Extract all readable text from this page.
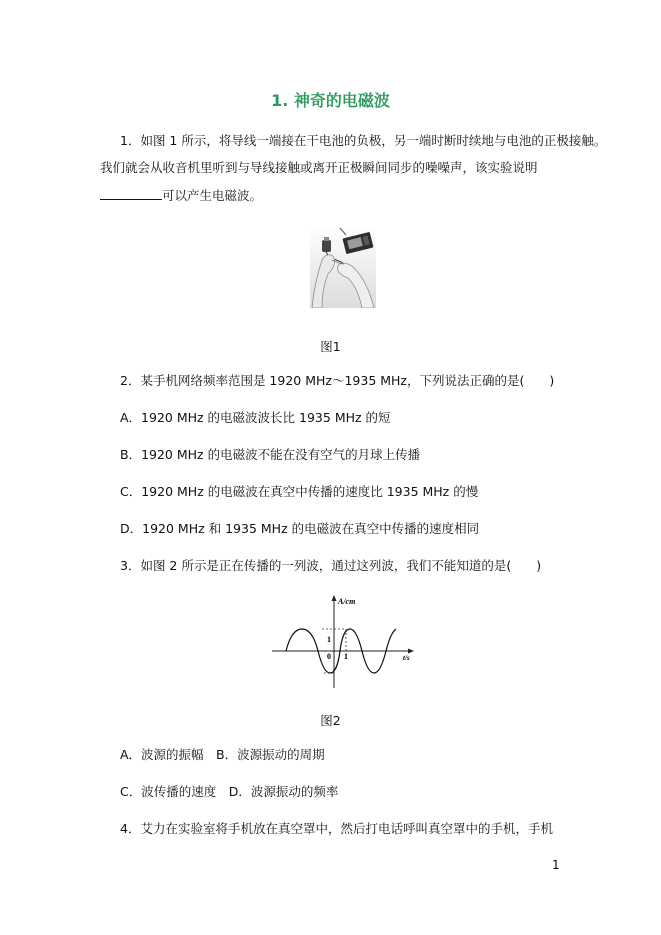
1. 神奇的电磁波
1．如图 1 所示，将导线一端接在干电池的负极，另一端时断时续地与电池的正极接触。
我们就会从收音机里听到与导线接触或离开正极瞬间同步的噪噪声，该实验说明
可以产生电磁波。
图1
2．某手机网络频率范围是 1920 MHz～1935 MHz，下列说法正确的是(　　)
A．1920 MHz 的电磁波波长比 1935 MHz 的短
B．1920 MHz 的电磁波不能在没有空气的月球上传播
C．1920 MHz 的电磁波在真空中传播的速度比 1935 MHz 的慢
D．1920 MHz 和 1935 MHz 的电磁波在真空中传播的速度相同
3．如图 2 所示是正在传播的一列波，通过这列波，我们不能知道的是(　　)
A/cm
1
0 1	t/s
图2
A．波源的振幅　B．波源振动的周期
C．波传播的速度　D．波源振动的频率
4．艾力在实验室将手机放在真空罩中，然后打电话呼叫真空罩中的手机，手机
1
